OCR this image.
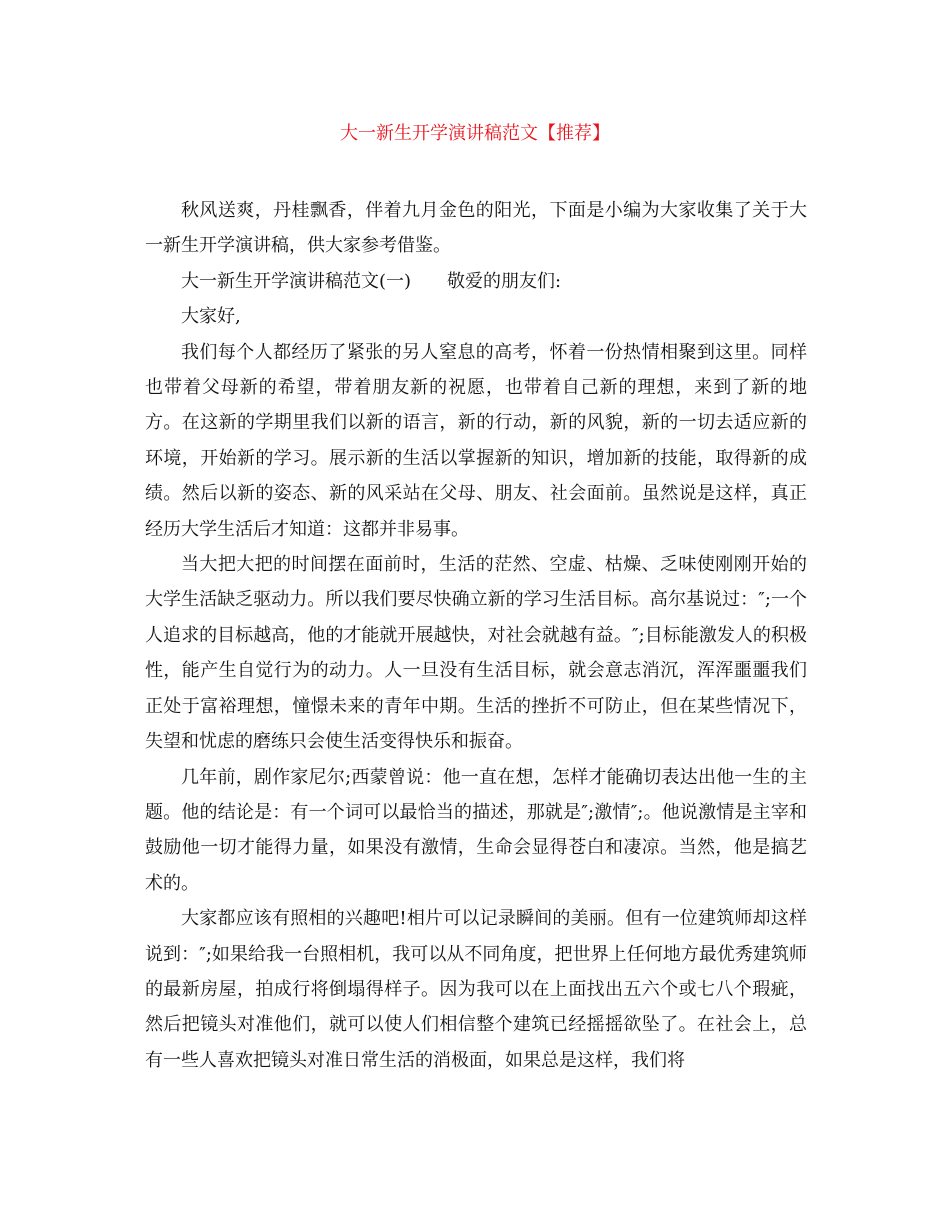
大一新生开学演讲稿范文【推荐】

秋风送爽，丹桂飘香，伴着九月金色的阳光，下面是小编为大家收集了关于大一新生开学演讲稿，供大家参考借鉴。

大一新生开学演讲稿范文(一)　　敬爱的朋友们:

大家好,

我们每个人都经历了紧张的另人窒息的高考，怀着一份热情相聚到这里。同样也带着父母新的希望，带着朋友新的祝愿，也带着自己新的理想，来到了新的地方。在这新的学期里我们以新的语言，新的行动，新的风貌，新的一切去适应新的环境，开始新的学习。展示新的生活以掌握新的知识，增加新的技能，取得新的成绩。然后以新的姿态、新的风采站在父母、朋友、社会面前。虽然说是这样，真正经历大学生活后才知道：这都并非易事。

当大把大把的时间摆在面前时，生活的茫然、空虚、枯燥、乏味使刚刚开始的大学生活缺乏驱动力。所以我们要尽快确立新的学习生活目标。高尔基说过：″;一个人追求的目标越高，他的才能就开展越快，对社会就越有益。″;目标能激发人的积极性，能产生自觉行为的动力。人一旦没有生活目标，就会意志消沉，浑浑噩噩我们正处于富裕理想，憧憬未来的青年中期。生活的挫折不可防止，但在某些情况下，失望和忧虑的磨练只会使生活变得快乐和振奋。

几年前，剧作家尼尔;西蒙曾说：他一直在想，怎样才能确切表达出他一生的主题。他的结论是：有一个词可以最恰当的描述，那就是″;激情″;。他说激情是主宰和鼓励他一切才能得力量，如果没有激情，生命会显得苍白和凄凉。当然，他是搞艺术的。

大家都应该有照相的兴趣吧!相片可以记录瞬间的美丽。但有一位建筑师却这样说到：″;如果给我一台照相机，我可以从不同角度，把世界上任何地方最优秀建筑师的最新房屋，拍成行将倒塌得样子。因为我可以在上面找出五六个或七八个瑕疵，然后把镜头对准他们，就可以使人们相信整个建筑已经摇摇欲坠了。在社会上，总有一些人喜欢把镜头对准日常生活的消极面，如果总是这样，我们将
